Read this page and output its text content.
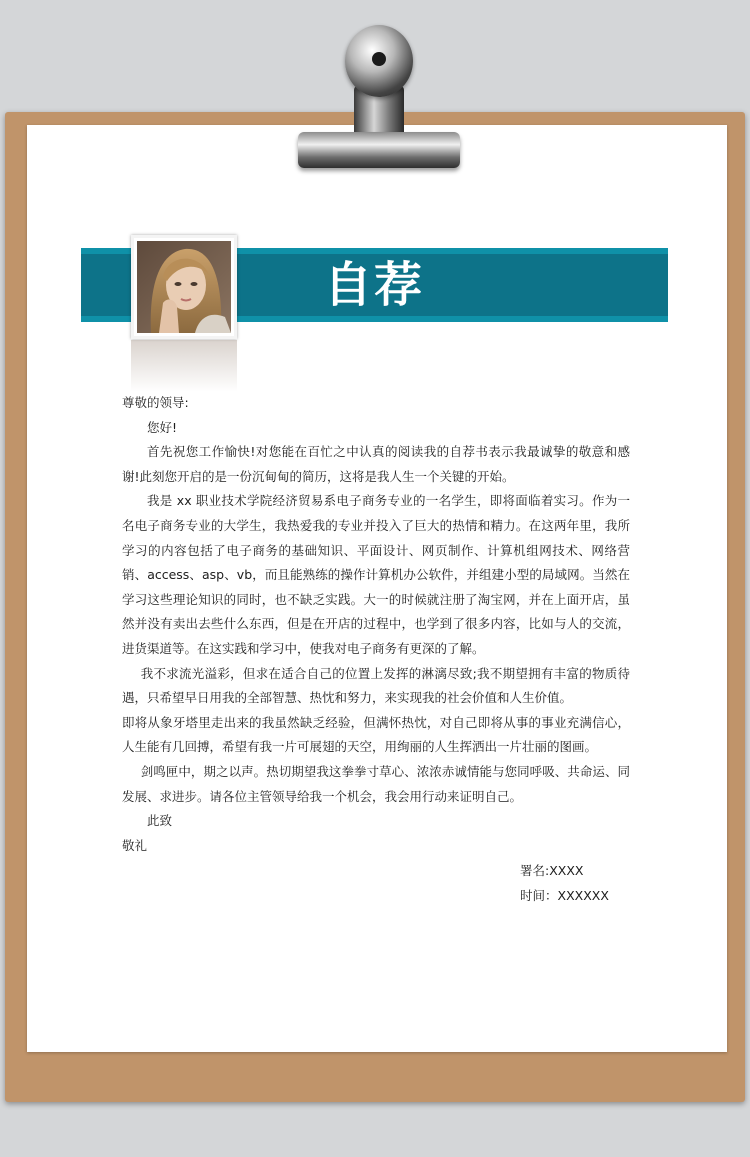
自荐信

尊敬的领导:

您好!

首先祝您工作愉快!对您能在百忙之中认真的阅读我的自荐书表示我最诚挚的敬意和感谢!此刻您开启的是一份沉甸甸的简历，这将是我人生一个关键的开始。

我是 xx 职业技术学院经济贸易系电子商务专业的一名学生，即将面临着实习。作为一名电子商务专业的大学生，我热爱我的专业并投入了巨大的热情和精力。在这两年里，我所学习的内容包括了电子商务的基础知识、平面设计、网页制作、计算机组网技术、网络营销、access、asp、vb，而且能熟练的操作计算机办公软件，并组建小型的局域网。当然在学习这些理论知识的同时，也不缺乏实践。大一的时候就注册了淘宝网，并在上面开店，虽然并没有卖出去些什么东西，但是在开店的过程中，也学到了很多内容，比如与人的交流，进货渠道等。在这实践和学习中，使我对电子商务有更深的了解。

我不求流光溢彩，但求在适合自己的位置上发挥的淋漓尽致;我不期望拥有丰富的物质待遇，只希望早日用我的全部智慧、热忱和努力，来实现我的社会价值和人生价值。

即将从象牙塔里走出来的我虽然缺乏经验，但满怀热忱，对自己即将从事的事业充满信心，人生能有几回搏，希望有我一片可展翅的天空，用绚丽的人生挥洒出一片壮丽的图画。

剑鸣匣中，期之以声。热切期望我这拳拳寸草心、浓浓赤诚情能与您同呼吸、共命运、同发展、求进步。请各位主管领导给我一个机会，我会用行动来证明自己。

此致

敬礼

署名:XXXX
时间：XXXXXX
